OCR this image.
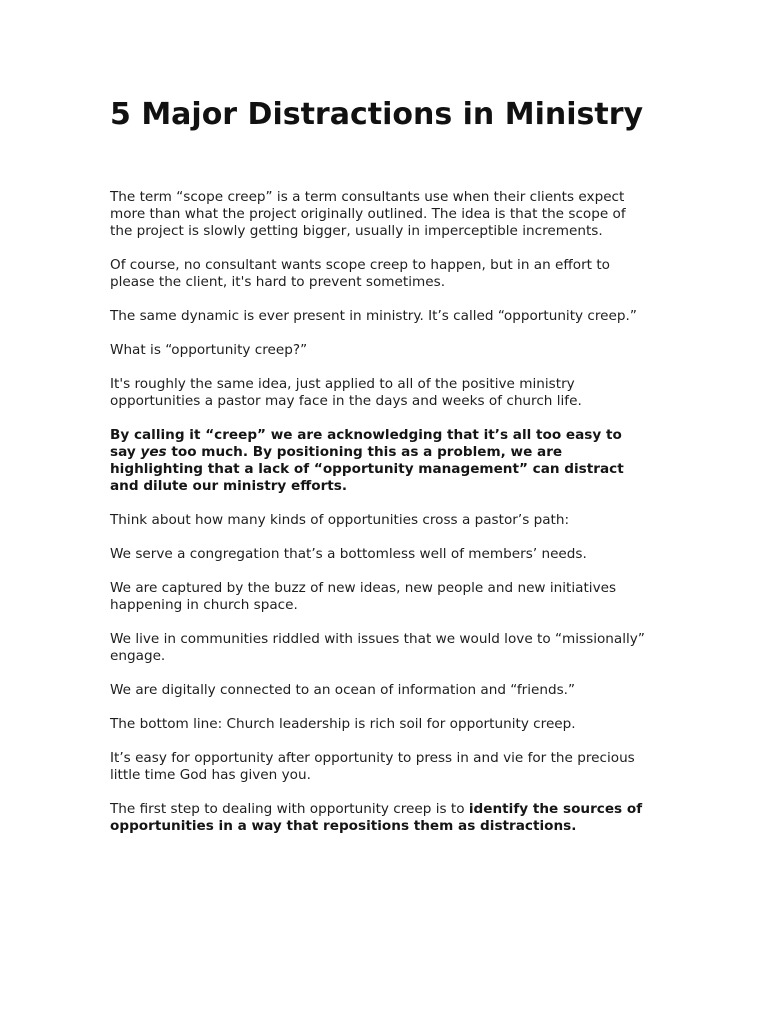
5 Major Distractions in Ministry

The term “scope creep” is a term consultants use when their clients expect more than what the project originally outlined. The idea is that the scope of the project is slowly getting bigger, usually in imperceptible increments.

Of course, no consultant wants scope creep to happen, but in an effort to please the client, it's hard to prevent sometimes.

The same dynamic is ever present in ministry. It’s called “opportunity creep.”

What is “opportunity creep?”

It's roughly the same idea, just applied to all of the positive ministry opportunities a pastor may face in the days and weeks of church life.

By calling it “creep” we are acknowledging that it’s all too easy to say yes too much. By positioning this as a problem, we are highlighting that a lack of “opportunity management” can distract and dilute our ministry efforts.

Think about how many kinds of opportunities cross a pastor’s path:

We serve a congregation that’s a bottomless well of members’ needs.

We are captured by the buzz of new ideas, new people and new initiatives happening in church space.

We live in communities riddled with issues that we would love to “missionally” engage.

We are digitally connected to an ocean of information and “friends.”

The bottom line: Church leadership is rich soil for opportunity creep.

It’s easy for opportunity after opportunity to press in and vie for the precious little time God has given you.

The first step to dealing with opportunity creep is to identify the sources of opportunities in a way that repositions them as distractions.
